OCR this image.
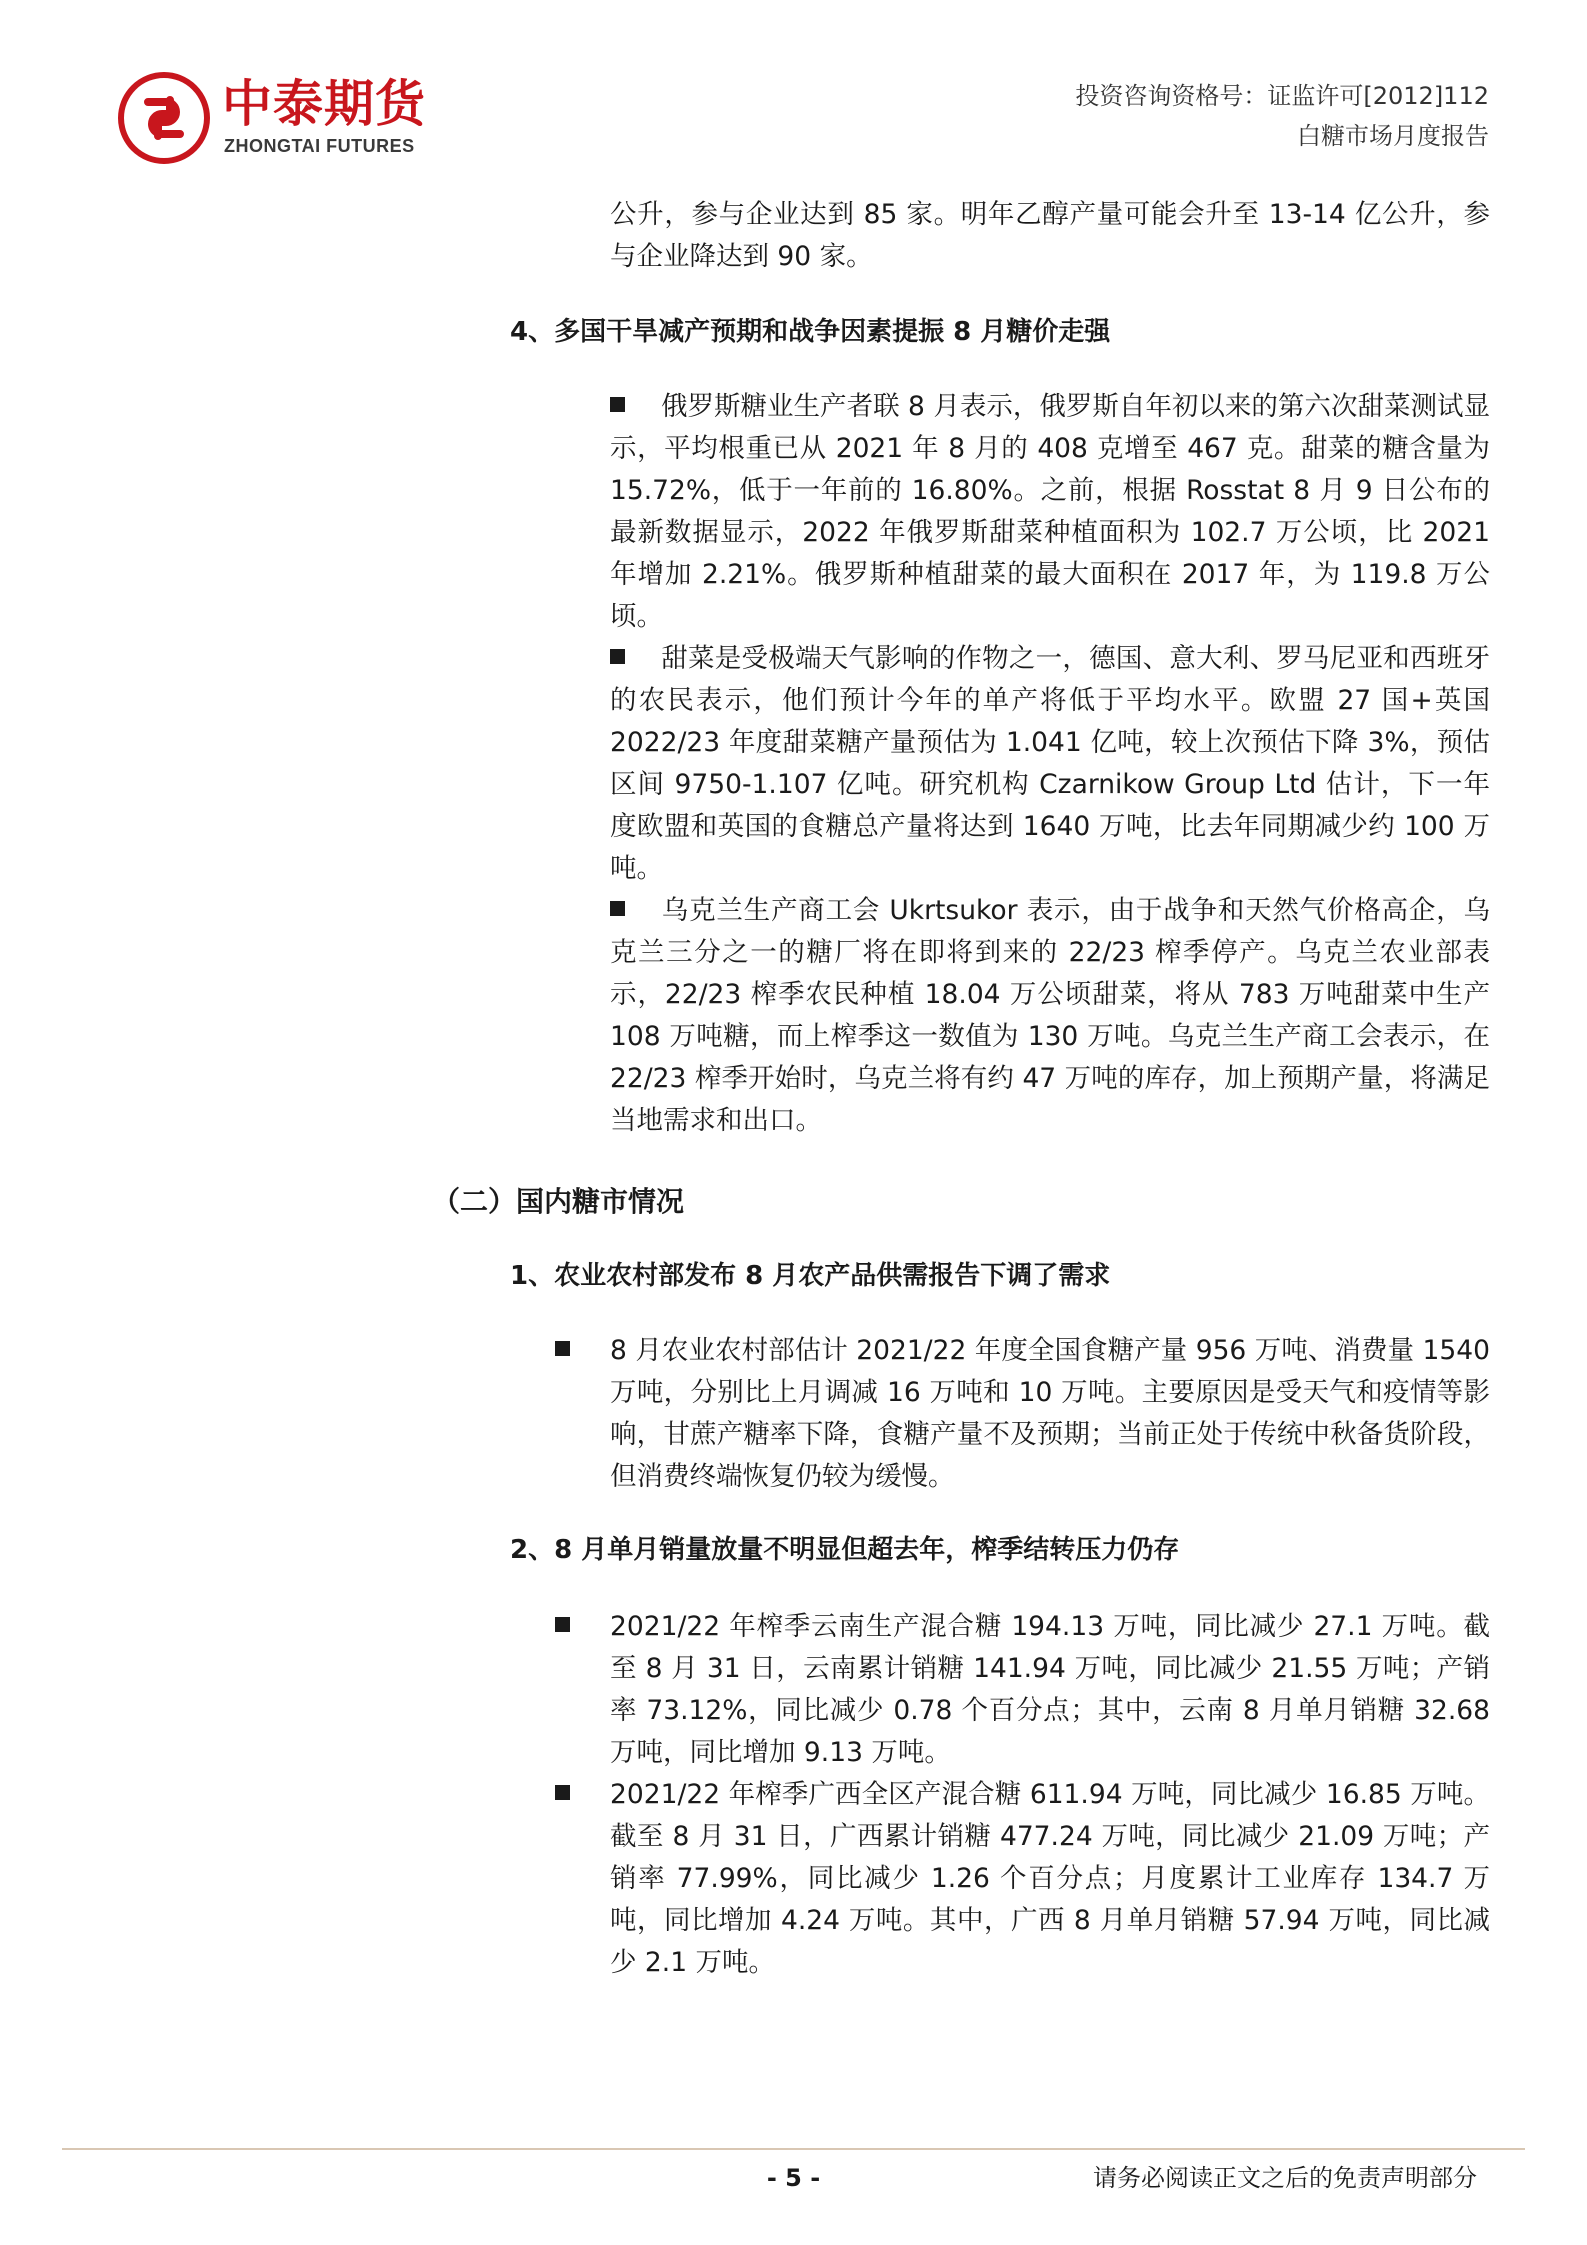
中泰期货
ZHONGTAI FUTURES
投资咨询资格号：证监许可[2012]112
白糖市场月度报告
公升，参与企业达到 85 家。明年乙醇产量可能会升至 13-14 亿公升，参与企业降达到 90 家。
4、多国干旱减产预期和战争因素提振 8 月糖价走强
俄罗斯糖业生产者联 8 月表示，俄罗斯自年初以来的第六次甜菜测试显示，平均根重已从 2021 年 8 月的 408 克增至 467 克。甜菜的糖含量为 15.72%，低于一年前的 16.80%。之前，根据 Rosstat 8 月 9 日公布的最新数据显示，2022 年俄罗斯甜菜种植面积为 102.7 万公顷，比 2021 年增加 2.21%。俄罗斯种植甜菜的最大面积在 2017 年，为 119.8 万公顷。
甜菜是受极端天气影响的作物之一，德国、意大利、罗马尼亚和西班牙的农民表示，他们预计今年的单产将低于平均水平。欧盟 27 国+英国 2022/23 年度甜菜糖产量预估为 1.041 亿吨，较上次预估下降 3%，预估区间 9750-1.107 亿吨。研究机构 Czarnikow Group Ltd 估计，下一年度欧盟和英国的食糖总产量将达到 1640 万吨，比去年同期减少约 100 万吨。
乌克兰生产商工会 Ukrtsukor 表示，由于战争和天然气价格高企，乌克兰三分之一的糖厂将在即将到来的 22/23 榨季停产。乌克兰农业部表示，22/23 榨季农民种植 18.04 万公顷甜菜，将从 783 万吨甜菜中生产 108 万吨糖，而上榨季这一数值为 130 万吨。乌克兰生产商工会表示，在 22/23 榨季开始时，乌克兰将有约 47 万吨的库存，加上预期产量，将满足当地需求和出口。
（二）国内糖市情况
1、农业农村部发布 8 月农产品供需报告下调了需求
8 月农业农村部估计 2021/22 年度全国食糖产量 956 万吨、消费量 1540 万吨，分别比上月调减 16 万吨和 10 万吨。主要原因是受天气和疫情等影响，甘蔗产糖率下降，食糖产量不及预期；当前正处于传统中秋备货阶段，但消费终端恢复仍较为缓慢。
2、8 月单月销量放量不明显但超去年，榨季结转压力仍存
2021/22 年榨季云南生产混合糖 194.13 万吨，同比减少 27.1 万吨。截至 8 月 31 日，云南累计销糖 141.94 万吨，同比减少 21.55 万吨；产销率 73.12%，同比减少 0.78 个百分点；其中，云南 8 月单月销糖 32.68 万吨，同比增加 9.13 万吨。
2021/22 年榨季广西全区产混合糖 611.94 万吨，同比减少 16.85 万吨。截至 8 月 31 日，广西累计销糖 477.24 万吨，同比减少 21.09 万吨；产销率 77.99%，同比减少 1.26 个百分点；月度累计工业库存 134.7 万吨，同比增加 4.24 万吨。其中，广西 8 月单月销糖 57.94 万吨，同比减少 2.1 万吨。
- 5 -	请务必阅读正文之后的免责声明部分
